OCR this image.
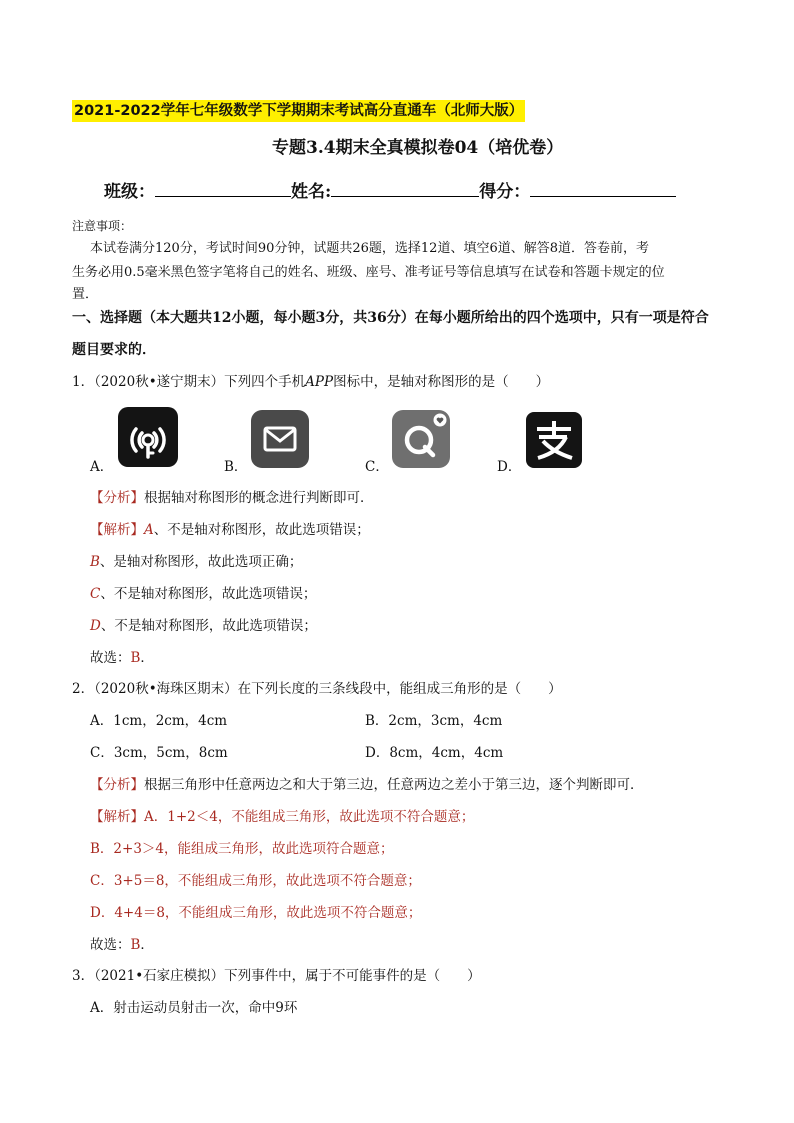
2021-2022学年七年级数学下学期期末考试高分直通车（北师大版）
专题3.4期末全真模拟卷04（培优卷）
班级：	姓名:	得分：
注意事项：
本试卷满分120分，考试时间90分钟，试题共26题，选择12道、填空6道、解答8道．答卷前，考
生务必用0.5毫米黑色签字笔将自己的姓名、班级、座号、准考证号等信息填写在试卷和答题卡规定的位
置．
一、选择题（本大题共12小题，每小题3分，共36分）在每小题所给出的四个选项中，只有一项是符合
题目要求的．
1．（2020秋•遂宁期末）下列四个手机APP图标中，是轴对称图形的是（　　）
A．	B．	C．	D．
【分析】根据轴对称图形的概念进行判断即可．
【解析】A、不是轴对称图形，故此选项错误；
B、是轴对称图形，故此选项正确；
C、不是轴对称图形，故此选项错误；
D、不是轴对称图形，故此选项错误；
故选：B．
2．（2020秋•海珠区期末）在下列长度的三条线段中，能组成三角形的是（　　）
A．1cm，2cm，4cm	B．2cm，3cm，4cm
C．3cm，5cm，8cm	D．8cm，4cm，4cm
【分析】根据三角形中任意两边之和大于第三边，任意两边之差小于第三边，逐个判断即可．
【解析】A．1+2＜4，不能组成三角形，故此选项不符合题意；
B．2+3＞4，能组成三角形，故此选项符合题意；
C．3+5＝8，不能组成三角形，故此选项不符合题意；
D．4+4＝8，不能组成三角形，故此选项不符合题意；
故选：B．
3．（2021•石家庄模拟）下列事件中，属于不可能事件的是（　　）
A．射击运动员射击一次，命中9环
